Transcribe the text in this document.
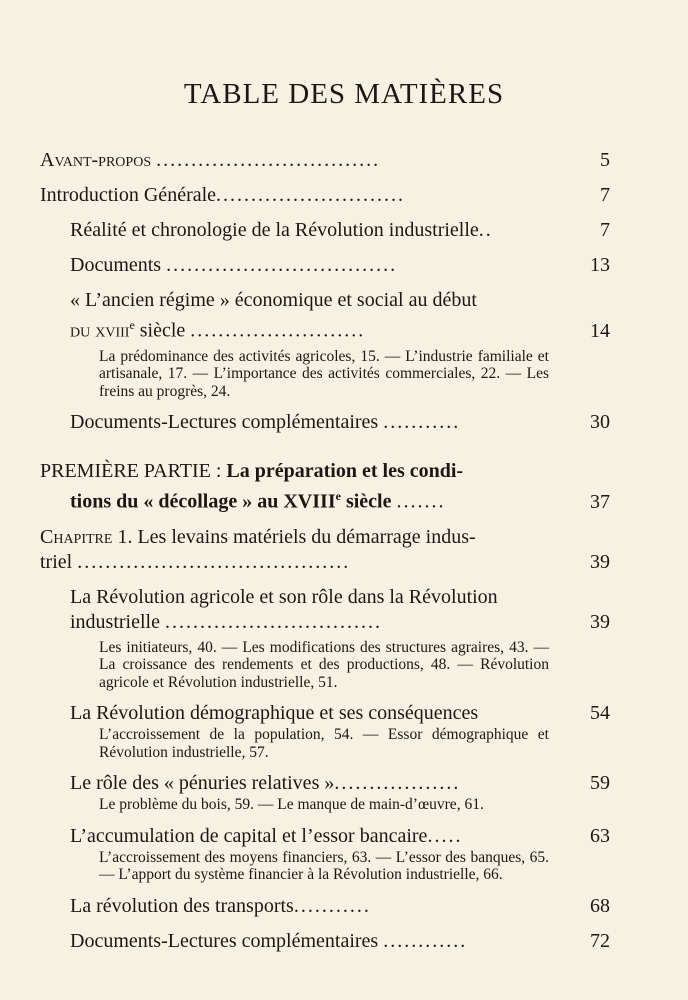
TABLE DES MATIÈRES
Avant-propos ................................	5
Introduction Générale...........................	7
Réalité et chronologie de la Révolution industrielle..	7
Documents .................................	13
« L’ancien régime » économique et social au début
du xviii$^e$ siècle .........................	14
La prédominance des activités agricoles, 15. — L’industrie familiale et artisanale, 17. — L’importance des activités commerciales, 22. — Les freins au progrès, 24.
Documents-Lectures complémentaires ...........	30
PREMIÈRE PARTIE : La préparation et les condi-
tions du « décollage » au XVIIIe siècle .......	37
Chapitre 1. Les levains matériels du démarrage indus-
triel .......................................	39
La Révolution agricole et son rôle dans la Révolution
industrielle ...............................	39
Les initiateurs, 40. — Les modifications des structures agraires, 43. — La croissance des rendements et des productions, 48. — Révolution agricole et Révolution industrielle, 51.
La Révolution démographique et ses conséquences	54
L’accroissement de la population, 54. — Essor démographique et Révolution industrielle, 57.
Le rôle des « pénuries relatives »..................	59
Le problème du bois, 59. — Le manque de main-d’œuvre, 61.
L’accumulation de capital et l’essor bancaire.....	63
L’accroissement des moyens financiers, 63. — L’essor des banques, 65. — L’apport du système financier à la Révolution industrielle, 66.
La révolution des transports...........	68
Documents-Lectures complémentaires ............	72
